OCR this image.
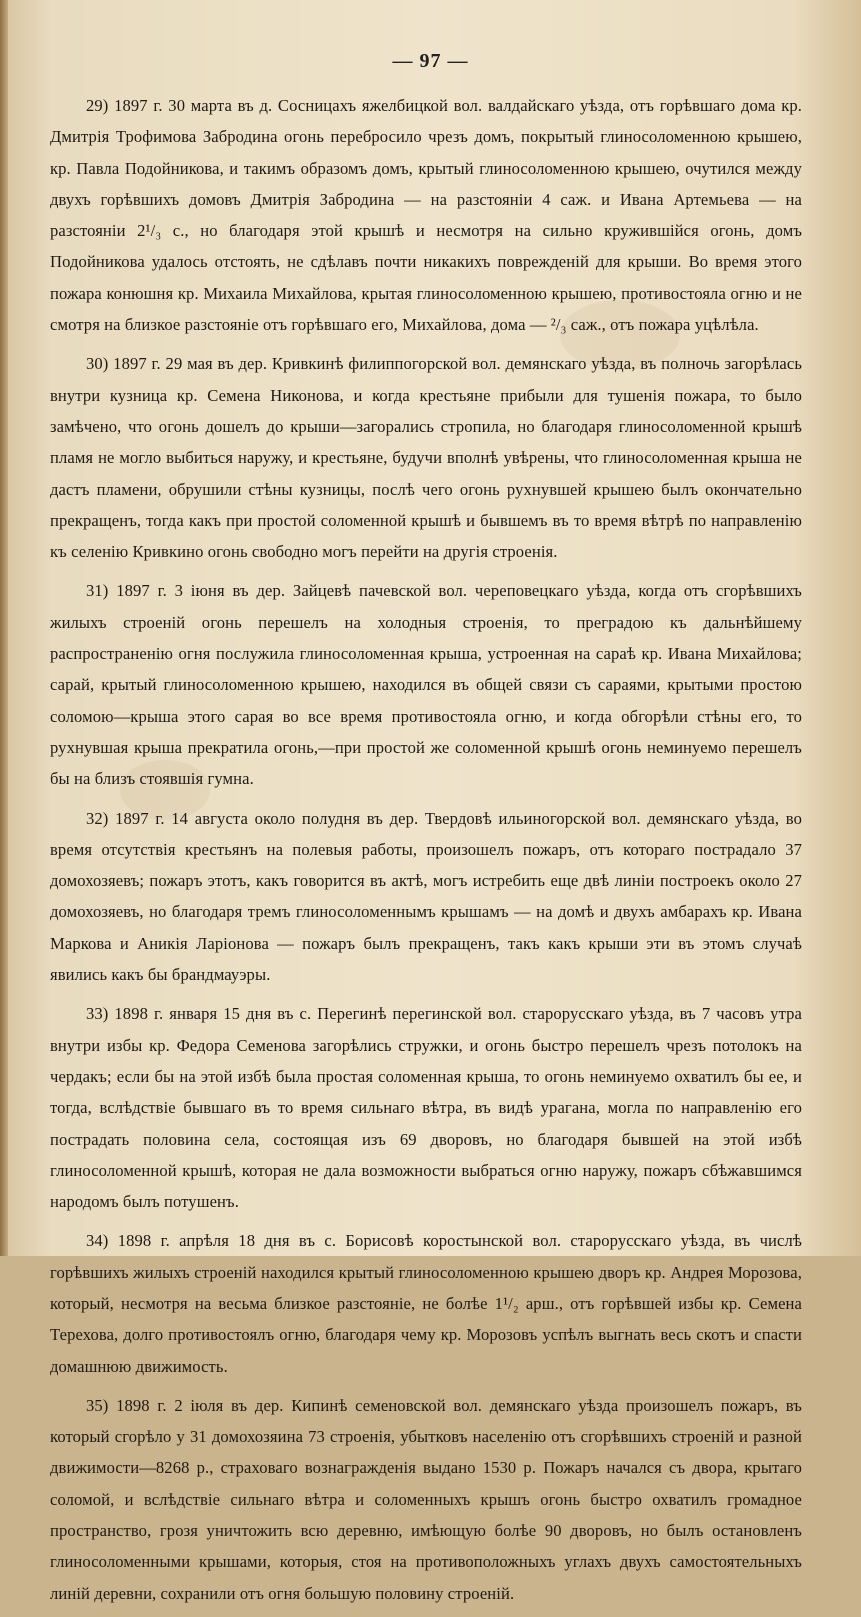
— 97 —

29) 1897 г. 30 марта въ д. Сосницахъ яжелбицкой вол. валдайскаго уѣзда, отъ горѣвшаго дома кр. Дмитрія Трофимова Забродина огонь перебросило чрезъ домъ, покрытый глиносоломенною крышею, кр. Павла Подойникова, и такимъ образомъ домъ, крытый глиносоломенною крышею, очутился между двухъ горѣвшихъ домовъ Дмитрія Забродина — на разстояніи 4 саж. и Ивана Артемьева — на разстояніи 2¹/₃ с., но благодаря этой крышѣ и несмотря на сильно кружившійся огонь, домъ Подойникова удалось отстоять, не сдѣлавъ почти никакихъ поврежденій для крыши. Во время этого пожара конюшня кр. Михаила Михайлова, крытая глиносоломенною крышею, противостояла огню и не смотря на близкое разстояніе отъ горѣвшаго его, Михайлова, дома — ²/₃ саж., отъ пожара уцѣлѣла.

30) 1897 г. 29 мая въ дер. Кривкинѣ филиппогорской вол. демянскаго уѣзда, въ полночь загорѣлась внутри кузница кр. Семена Никонова, и когда крестьяне прибыли для тушенія пожара, то было замѣчено, что огонь дошелъ до крыши—загорались стропила, но благодаря глиносоломенной крышѣ пламя не могло выбиться наружу, и крестьяне, будучи вполнѣ увѣрены, что глиносоломенная крыша не дастъ пламени, обрушили стѣны кузницы, послѣ чего огонь рухнувшей крышею былъ окончательно прекращенъ, тогда какъ при простой соломенной крышѣ и бывшемъ въ то время вѣтрѣ по направленію къ селенію Кривкино огонь свободно могъ перейти на другія строенія.

31) 1897 г. 3 іюня въ дер. Зайцевѣ пачевской вол. череповецкаго уѣзда, когда отъ сгорѣвшихъ жилыхъ строеній огонь перешелъ на холодныя строенія, то преградою къ дальнѣйшему распространенію огня послужила глиносоломенная крыша, устроенная на сараѣ кр. Ивана Михайлова; сарай, крытый глиносоломенною крышею, находился въ общей связи съ сараями, крытыми простою соломою—крыша этого сарая во все время противостояла огню, и когда обгорѣли стѣны его, то рухнувшая крыша прекратила огонь,—при простой же соломенной крышѣ огонь неминуемо перешелъ бы на близъ стоявшія гумна.

32) 1897 г. 14 августа около полудня въ дер. Твердовѣ ильиногорской вол. демянскаго уѣзда, во время отсутствія крестьянъ на полевыя работы, произошелъ пожаръ, отъ котораго пострадало 37 домохозяевъ; пожаръ этотъ, какъ говорится въ актѣ, могъ истребить еще двѣ линіи построекъ около 27 домохозяевъ, но благодаря тремъ глиносоломеннымъ крышамъ — на домѣ и двухъ амбарахъ кр. Ивана Маркова и Аникія Ларіонова — пожаръ былъ прекращенъ, такъ какъ крыши эти въ этомъ случаѣ явились какъ бы брандмауэры.

33) 1898 г. января 15 дня въ с. Перегинѣ перегинской вол. старорусскаго уѣзда, въ 7 часовъ утра внутри избы кр. Федора Семенова загорѣлись стружки, и огонь быстро перешелъ чрезъ потолокъ на чердакъ; если бы на этой избѣ была простая соломенная крыша, то огонь неминуемо охватилъ бы ее, и тогда, вслѣдствіе бывшаго въ то время сильнаго вѣтра, въ видѣ урагана, могла по направленію его пострадать половина села, состоящая изъ 69 дворовъ, но благодаря бывшей на этой избѣ глиносоломенной крышѣ, которая не дала возможности выбраться огню наружу, пожаръ сбѣжавшимся народомъ былъ потушенъ.

34) 1898 г. апрѣля 18 дня въ с. Борисовѣ коростынской вол. старорусскаго уѣзда, въ числѣ горѣвшихъ жилыхъ строеній находился крытый глиносоломенною крышею дворъ кр. Андрея Морозова, который, несмотря на весьма близкое разстояніе, не болѣе 1¹/₂ арш., отъ горѣвшей избы кр. Семена Терехова, долго противостоялъ огню, благодаря чему кр. Морозовъ успѣлъ выгнать весь скотъ и спасти домашнюю движимость.

35) 1898 г. 2 іюля въ дер. Кипинѣ семеновской вол. демянскаго уѣзда произошелъ пожаръ, въ который сгорѣло у 31 домохозяина 73 строенія, убытковъ населенію отъ сгорѣвшихъ строеній и разной движимости—8268 р., страховаго вознагражденія выдано 1530 р. Пожаръ начался съ двора, крытаго соломой, и вслѣдствіе сильнаго вѣтра и соломенныхъ крышъ огонь быстро охватилъ громадное пространство, грозя уничтожить всю деревню, имѣющую болѣе 90 дворовъ, но былъ остановленъ глиносоломенными крышами, которыя, стоя на противоположныхъ углахъ двухъ самостоятельныхъ линій деревни, сохранили отъ огня большую половину строеній.
